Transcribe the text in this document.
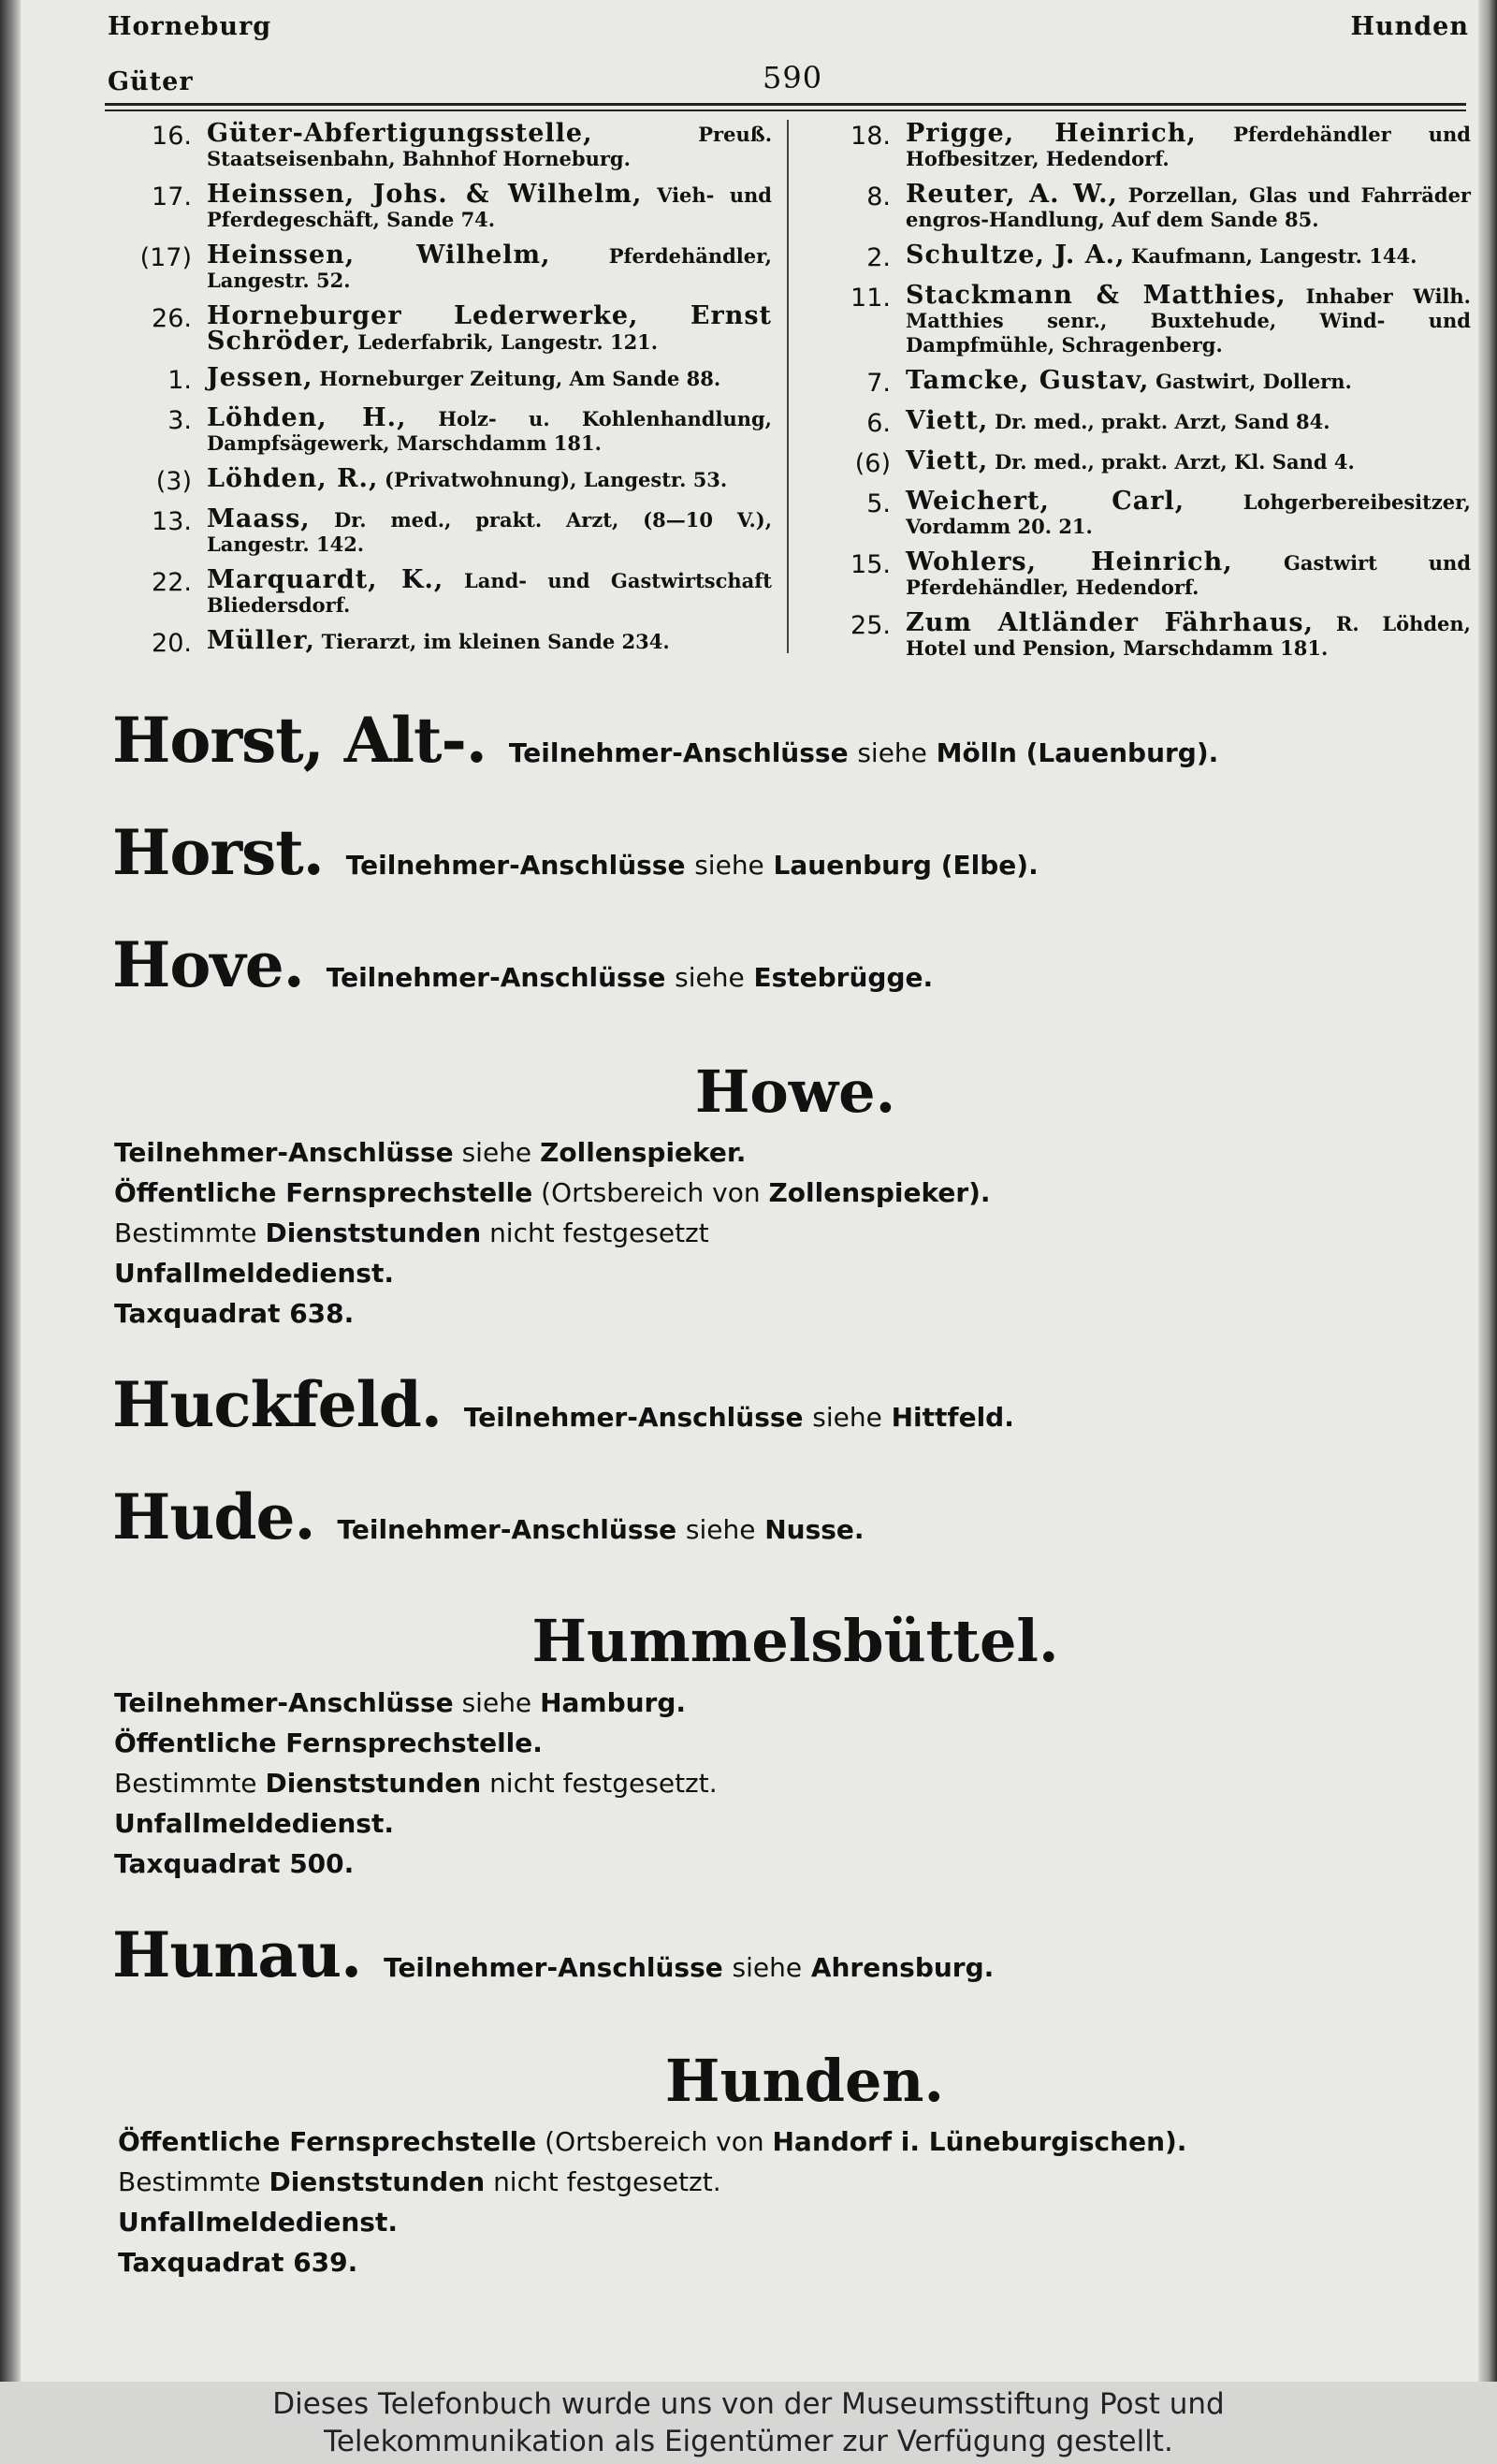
Horneburg	Hunden
Güter	590
16. Güter-Abfertigungsstelle,	Preuß. Staatseisenbahn, Bahnhof Horneburg.
17. Heinssen, Johs. & Wilhelm, Vieh- und Pferdegeschäft, Sande 74.
(17) Heinssen, Wilhelm,	Pferdehändler, Langestr. 52.
26. Horneburger Lederwerke, Ernst Schröder, Lederfabrik, Langestr. 121.
1. Jessen, Horneburger Zeitung, Am Sande 88.
3. Löhden, H., Holz- u. Kohlenhandlung, Dampfsägewerk, Marschdamm 181.
(3) Löhden, R., (Privatwohnung), Langestr. 53.
13. Maass, Dr. med., prakt. Arzt, (8—10 V.), Langestr. 142.
22. Marquardt, K., Land- und Gastwirtschaft Bliedersdorf.
20. Müller, Tierarzt, im kleinen Sande 234.
18. Prigge, Heinrich, Pferdehändler und Hofbesitzer, Hedendorf.
8. Reuter, A. W., Porzellan, Glas und Fahrräder engros-Handlung, Auf dem Sande 85.
2. Schultze, J. A., Kaufmann, Langestr. 144.
11. Stackmann & Matthies, Inhaber Wilh. Matthies senr., Buxtehude, Wind- und Dampfmühle, Schragenberg.
7. Tamcke, Gustav, Gastwirt, Dollern.
6. Viett, Dr. med., prakt. Arzt, Sand 84.
(6) Viett, Dr. med., prakt. Arzt, Kl. Sand 4.
5. Weichert, Carl,	Lohgerbereibesitzer, Vordamm 20. 21.
15. Wohlers, Heinrich,	Gastwirt und Pferdehändler, Hedendorf.
25. Zum Altländer Fährhaus, R. Löhden, Hotel und Pension, Marschdamm 181.
Horst, Alt-. Teilnehmer-Anschlüsse siehe Mölln (Lauenburg).
Horst. Teilnehmer-Anschlüsse siehe Lauenburg (Elbe).
Hove. Teilnehmer-Anschlüsse siehe Estebrügge.
Howe.
Teilnehmer-Anschlüsse siehe Zollenspieker.
Öffentliche Fernsprechstelle (Ortsbereich von Zollenspieker).
Bestimmte Dienststunden nicht festgesetzt
Unfallmeldedienst.
Taxquadrat 638.
Huckfeld. Teilnehmer-Anschlüsse siehe Hittfeld.
Hude. Teilnehmer-Anschlüsse siehe Nusse.
Hummelsbüttel.
Teilnehmer-Anschlüsse siehe Hamburg.
Öffentliche Fernsprechstelle.
Bestimmte Dienststunden nicht festgesetzt.
Unfallmeldedienst.
Taxquadrat 500.
Hunau. Teilnehmer-Anschlüsse siehe Ahrensburg.
Hunden.
Öffentliche Fernsprechstelle (Ortsbereich von Handorf i. Lüneburgischen).
Bestimmte Dienststunden nicht festgesetzt.
Unfallmeldedienst.
Taxquadrat 639.
Dieses Telefonbuch wurde uns von der Museumsstiftung Post und
Telekommunikation als Eigentümer zur Verfügung gestellt.
